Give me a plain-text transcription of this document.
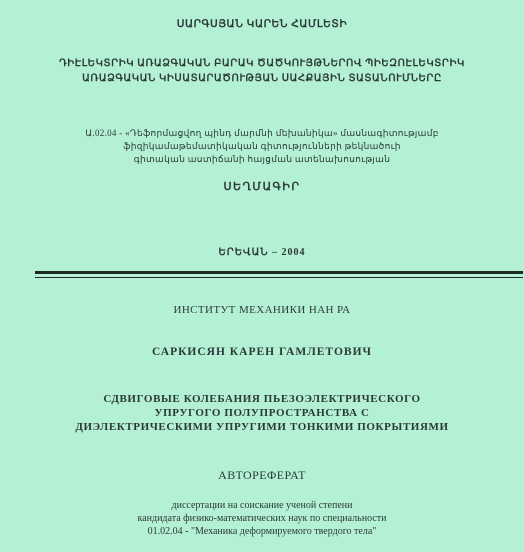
ՍԱՐԳՍՅԱՆ ԿԱՐԵՆ ՀԱՄԼԵՏԻ
ԴԻԷԼԵԿՏՐԻԿ ԱՌԱՁԳԱԿԱՆ ԲԱՐԱԿ ԾԱԾԿՈՒՅԹՆԵՐՈՎ ՊԻԵԶՈԷԼԵԿՏՐԻԿ
ԱՌԱՁԳԱԿԱՆ ԿԻՍԱՏԱՐԱԾՈՒԹՅԱՆ ՍԱՀՔԱՅԻՆ ՏԱՏԱՆՈՒՄՆԵՐԸ
Ա.02.04 - «Դեֆորմացվող պինդ մարմնի մեխանիկա» մասնագիտությամբ
ֆիզիկամաթեմատիկական գիտությունների թեկնածուի
գիտական աստիճանի հայցման ատենախոսության
ՍԵՂՄԱԳԻՐ
ԵՐԵՎԱՆ – 2004
ИНСТИТУТ МЕХАНИКИ НАН РА
САРКИСЯН КАРЕН ГАМЛЕТОВИЧ
СДВИГОВЫЕ КОЛЕБАНИЯ ПЬЕЗОЭЛЕКТРИЧЕСКОГО
УПРУГОГО ПОЛУПРОСТРАНСТВА С
ДИЭЛЕКТРИЧЕСКИМИ УПРУГИМИ ТОНКИМИ ПОКРЫТИЯМИ
АВТОРЕФЕРАТ
диссертации на соискание ученой степени
кандидата физико-математических наук по специальности
01.02.04 - "Механика деформируемого твердого тела"
